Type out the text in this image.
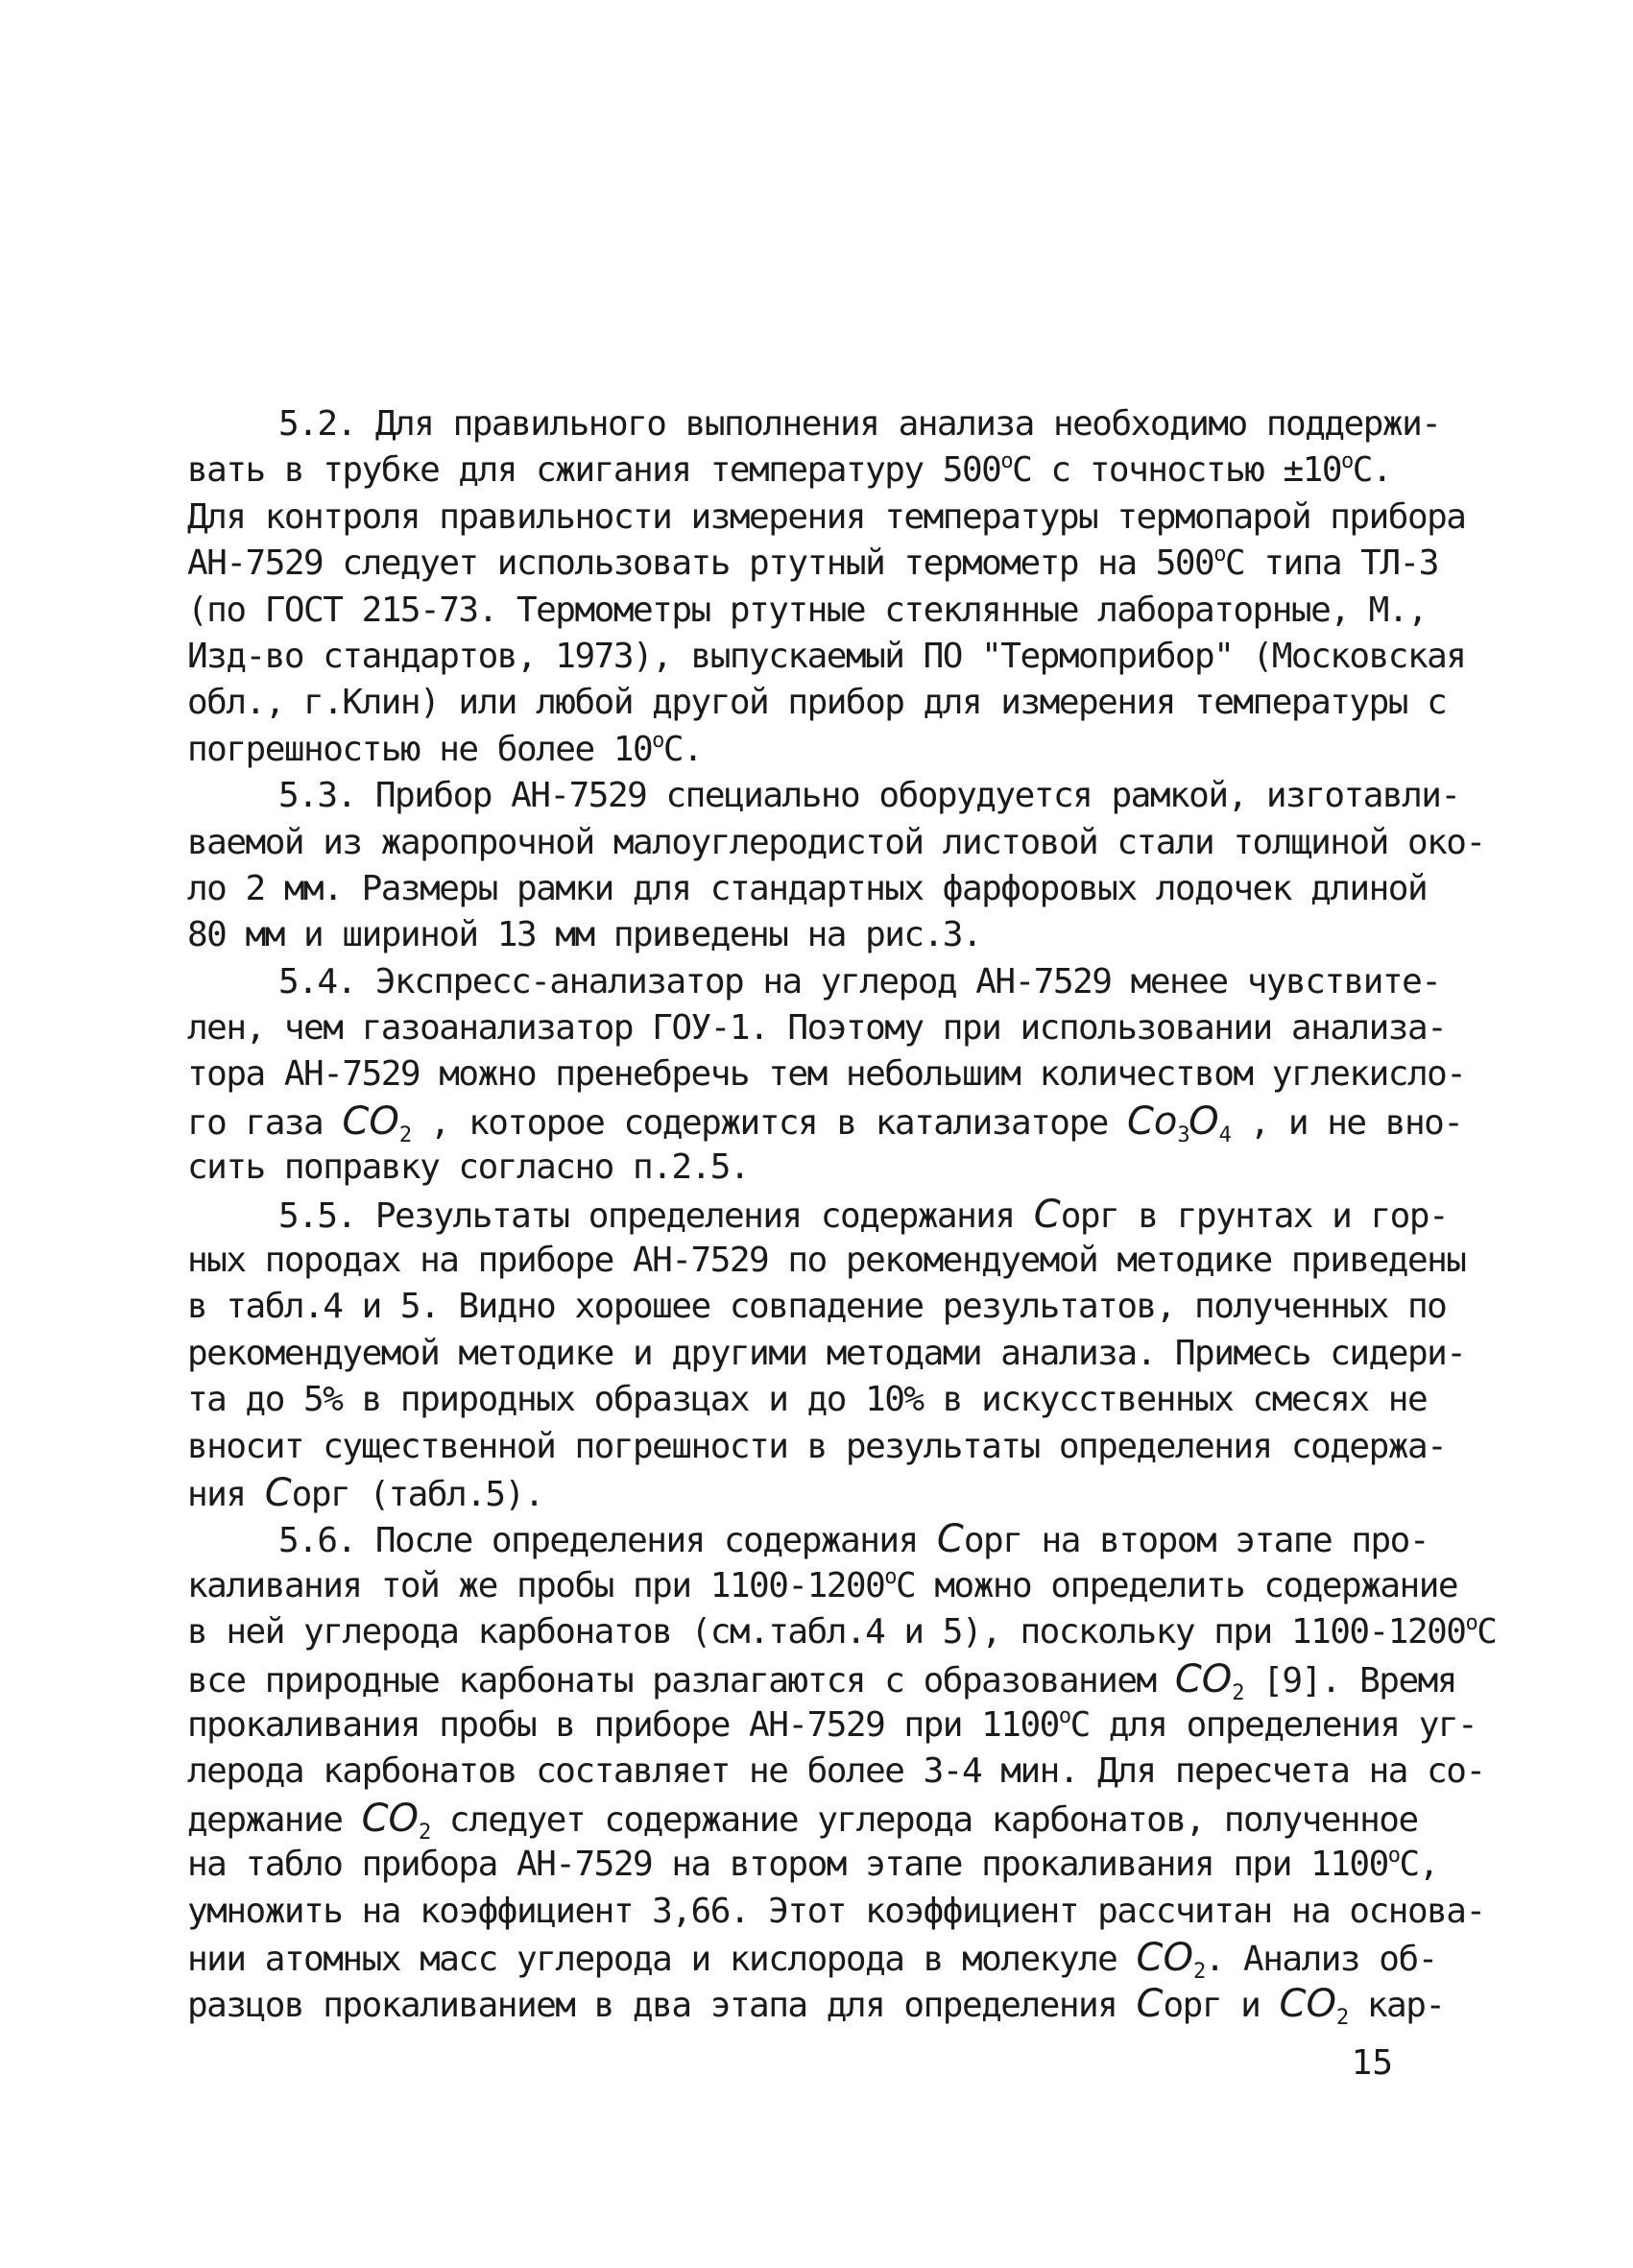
5.2. Для правильного выполнения анализа необходимо поддержи-
вать в трубке для сжигания температуру $500^оС$ с точностью $\pm 10^оС$.
Для контроля правильности измерения температуры термопарой прибора
АН-7529 следует использовать ртутный термометр на $500^оС$ типа ТЛ-3
(по ГОСТ 215-73. Термометры ртутные стеклянные лабораторные, М.,
Изд-во стандартов, 1973), выпускаемый ПО "Термоприбор" (Московская
обл., г.Клин) или любой другой прибор для измерения температуры с
погрешностью не более $10^оС$.
5.3. Прибор АН-7529 специально оборудуется рамкой, изготавли-
ваемой из жаропрочной малоуглеродистой листовой стали толщиной око-
ло 2 мм. Размеры рамки для стандартных фарфоровых лодочек длиной
80 мм и шириной 13 мм приведены на рис.3.
5.4. Экспресс-анализатор на углерод АН-7529 менее чувствите-
лен, чем газоанализатор ГОУ-1. Поэтому при использовании анализа-
тора АН-7529 можно пренебречь тем небольшим количеством углекисло-
го газа $CO_2$ , которое содержится в катализаторе $Co_3O_4$ , и не вно-
сить поправку согласно п.2.5.
5.5. Результаты определения содержания Cорг в грунтах и гор-
ных породах на приборе АН-7529 по рекомендуемой методике приведены
в табл.4 и 5. Видно хорошее совпадение результатов, полученных по
рекомендуемой методике и другими методами анализа. Примесь сидери-
та до 5% в природных образцах и до 10% в искусственных смесях не
вносит существенной погрешности в результаты определения содержа-
ния Cорг (табл.5).
5.6. После определения содержания Cорг на втором этапе про-
каливания той же пробы при $1100-1200^оС$ можно определить содержание
в ней углерода карбонатов (см.табл.4 и 5), поскольку при $1100-1200^оС$
все природные карбонаты разлагаются с образованием $CO_2$ [9]. Время
прокаливания пробы в приборе АН-7529 при $1100^оС$ для определения уг-
лерода карбонатов составляет не более 3-4 мин. Для пересчета на со-
держание $CO_2$ следует содержание углерода карбонатов, полученное
на табло прибора АН-7529 на втором этапе прокаливания при $1100^оС$,
умножить на коэффициент 3,66. Этот коэффициент рассчитан на основа-
нии атомных масс углерода и кислорода в молекуле $CO_2$. Анализ об-
разцов прокаливанием в два этапа для определения Cорг и $CO_2$ кар-
15
